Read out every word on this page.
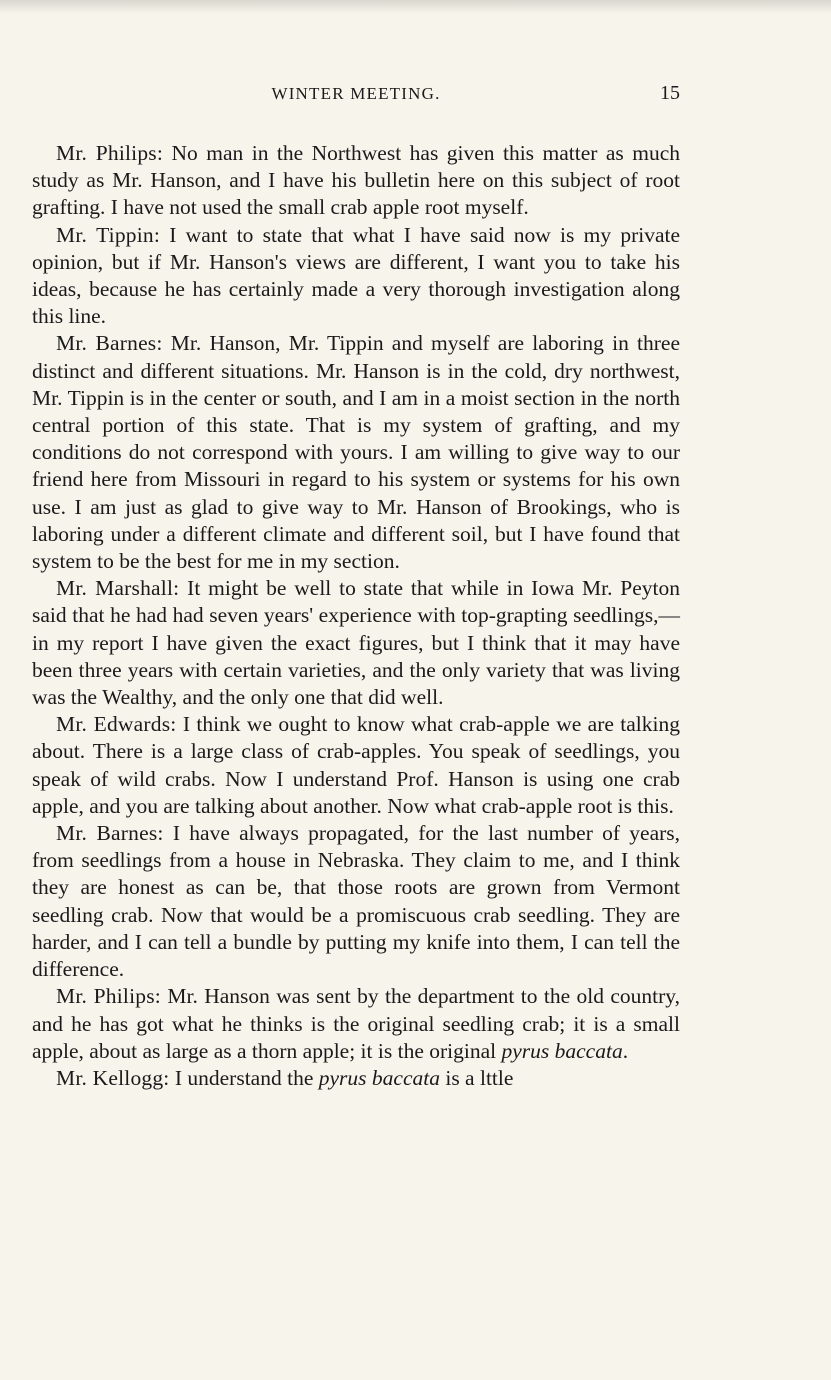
WINTER MEETING.	15

Mr. Philips: No man in the Northwest has given this matter as much study as Mr. Hanson, and I have his bulletin here on this subject of root grafting. I have not used the small crab apple root myself.

Mr. Tippin: I want to state that what I have said now is my private opinion, but if Mr. Hanson's views are different, I want you to take his ideas, because he has certainly made a very thorough investigation along this line.

Mr. Barnes: Mr. Hanson, Mr. Tippin and myself are laboring in three distinct and different situations. Mr. Hanson is in the cold, dry northwest, Mr. Tippin is in the center or south, and I am in a moist section in the north central portion of this state. That is my system of grafting, and my conditions do not correspond with yours. I am willing to give way to our friend here from Missouri in regard to his system or systems for his own use. I am just as glad to give way to Mr. Hanson of Brookings, who is laboring under a different climate and different soil, but I have found that system to be the best for me in my section.

Mr. Marshall: It might be well to state that while in Iowa Mr. Peyton said that he had had seven years' experience with top-grapting seedlings,—in my report I have given the exact figures, but I think that it may have been three years with certain varieties, and the only variety that was living was the Wealthy, and the only one that did well.

Mr. Edwards: I think we ought to know what crab-apple we are talking about. There is a large class of crab-apples. You speak of seedlings, you speak of wild crabs. Now I understand Prof. Hanson is using one crab apple, and you are talking about another. Now what crab-apple root is this.

Mr. Barnes: I have always propagated, for the last number of years, from seedlings from a house in Nebraska. They claim to me, and I think they are honest as can be, that those roots are grown from Vermont seedling crab. Now that would be a promiscuous crab seedling. They are harder, and I can tell a bundle by putting my knife into them, I can tell the difference.

Mr. Philips: Mr. Hanson was sent by the department to the old country, and he has got what he thinks is the original seedling crab; it is a small apple, about as large as a thorn apple; it is the original pyrus baccata.

Mr. Kellogg: I understand the pyrus baccata is a lttle
